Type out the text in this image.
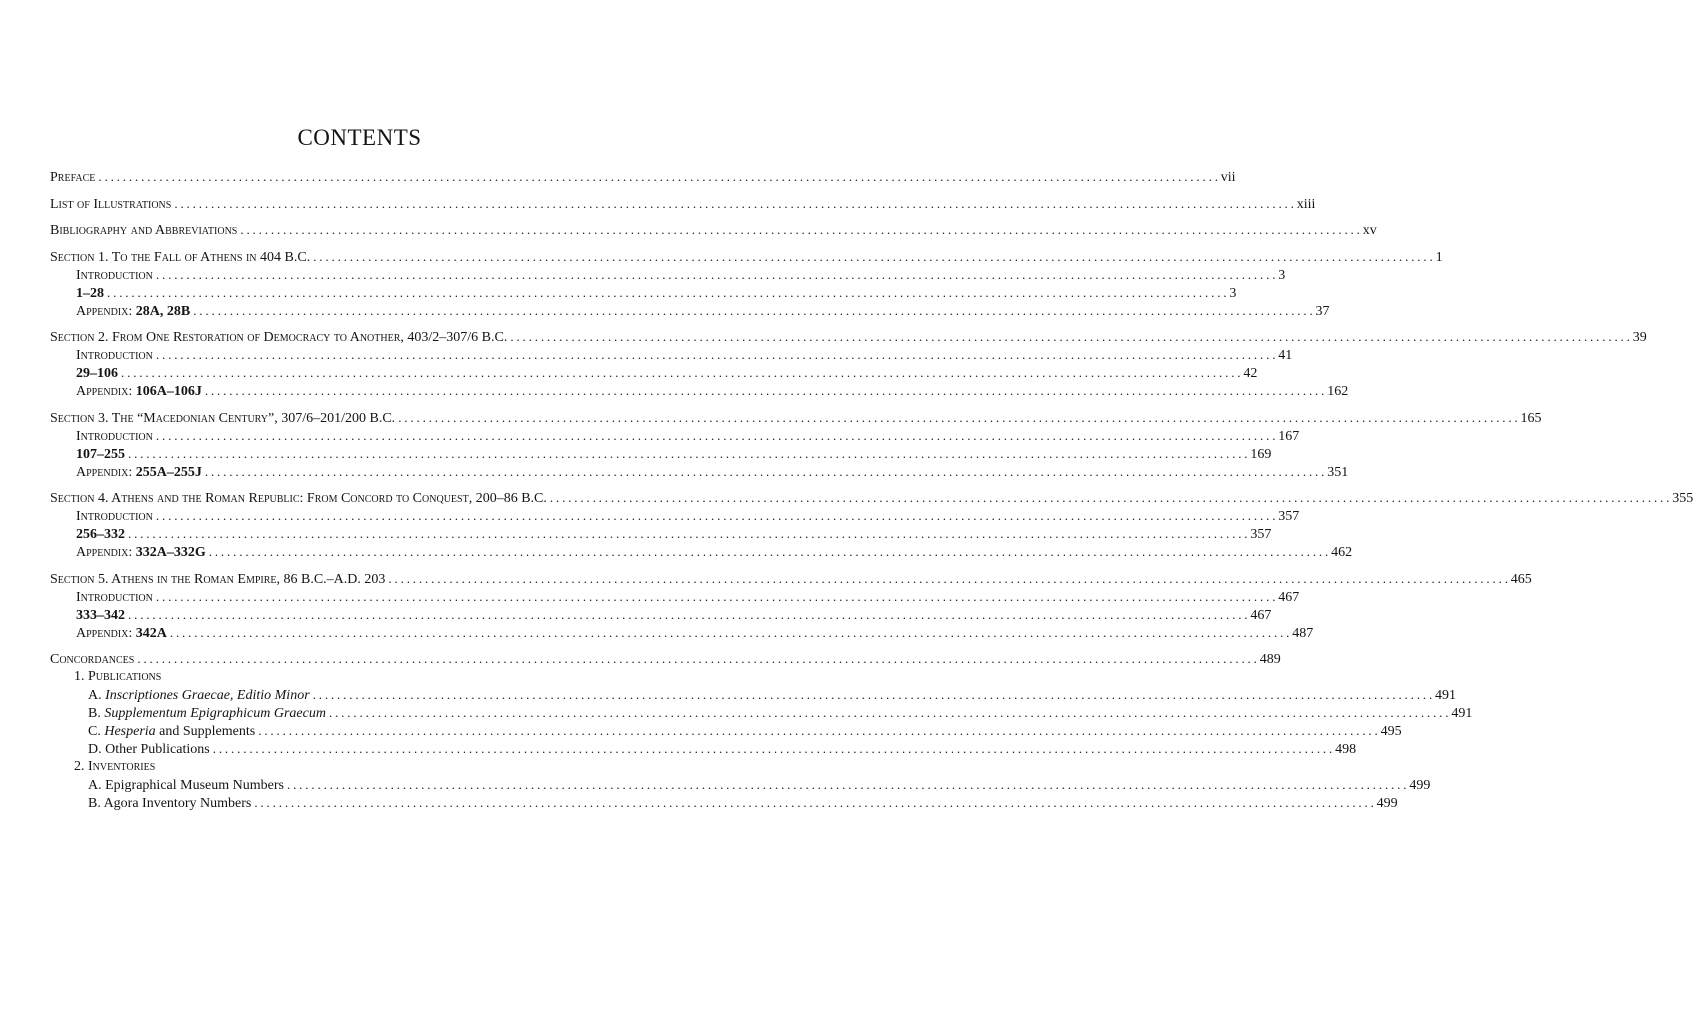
CONTENTS
Preface . . .	vii
List of Illustrations . . .	xiii
Bibliography and Abbreviations . . .	xv
Section 1. To the Fall of Athens in 404 B.C. . . .	1
Introduction . . .	3
1–28 . . .	3
Appendix: 28A, 28B . . .	37
Section 2. From One Restoration of Democracy to Another, 403/2–307/6 B.C. . . .	39
Introduction . . .	41
29–106 . . .	42
Appendix: 106A–106J . . .	162
Section 3. The “Macedonian Century”, 307/6–201/200 B.C. . . .	165
Introduction . . .	167
107–255 . . .	169
Appendix: 255A–255J . . .	351
Section 4. Athens and the Roman Republic: From Concord to Conquest, 200–86 B.C. . . .	355
Introduction . . .	357
256–332 . . .	357
Appendix: 332A–332G . . .	462
Section 5. Athens in the Roman Empire, 86 B.C.–A.D. 203 . . .	465
Introduction . . .	467
333–342 . . .	467
Appendix: 342A . . .	487
Concordances . . .	489
1. Publications
A. Inscriptiones Graecae, Editio Minor . . .	491
B. Supplementum Epigraphicum Graecum . . .	491
C. Hesperia and Supplements . . .	495
D. Other Publications . . .	498
2. Inventories
A. Epigraphical Museum Numbers . . .	499
B. Agora Inventory Numbers . . .	499
